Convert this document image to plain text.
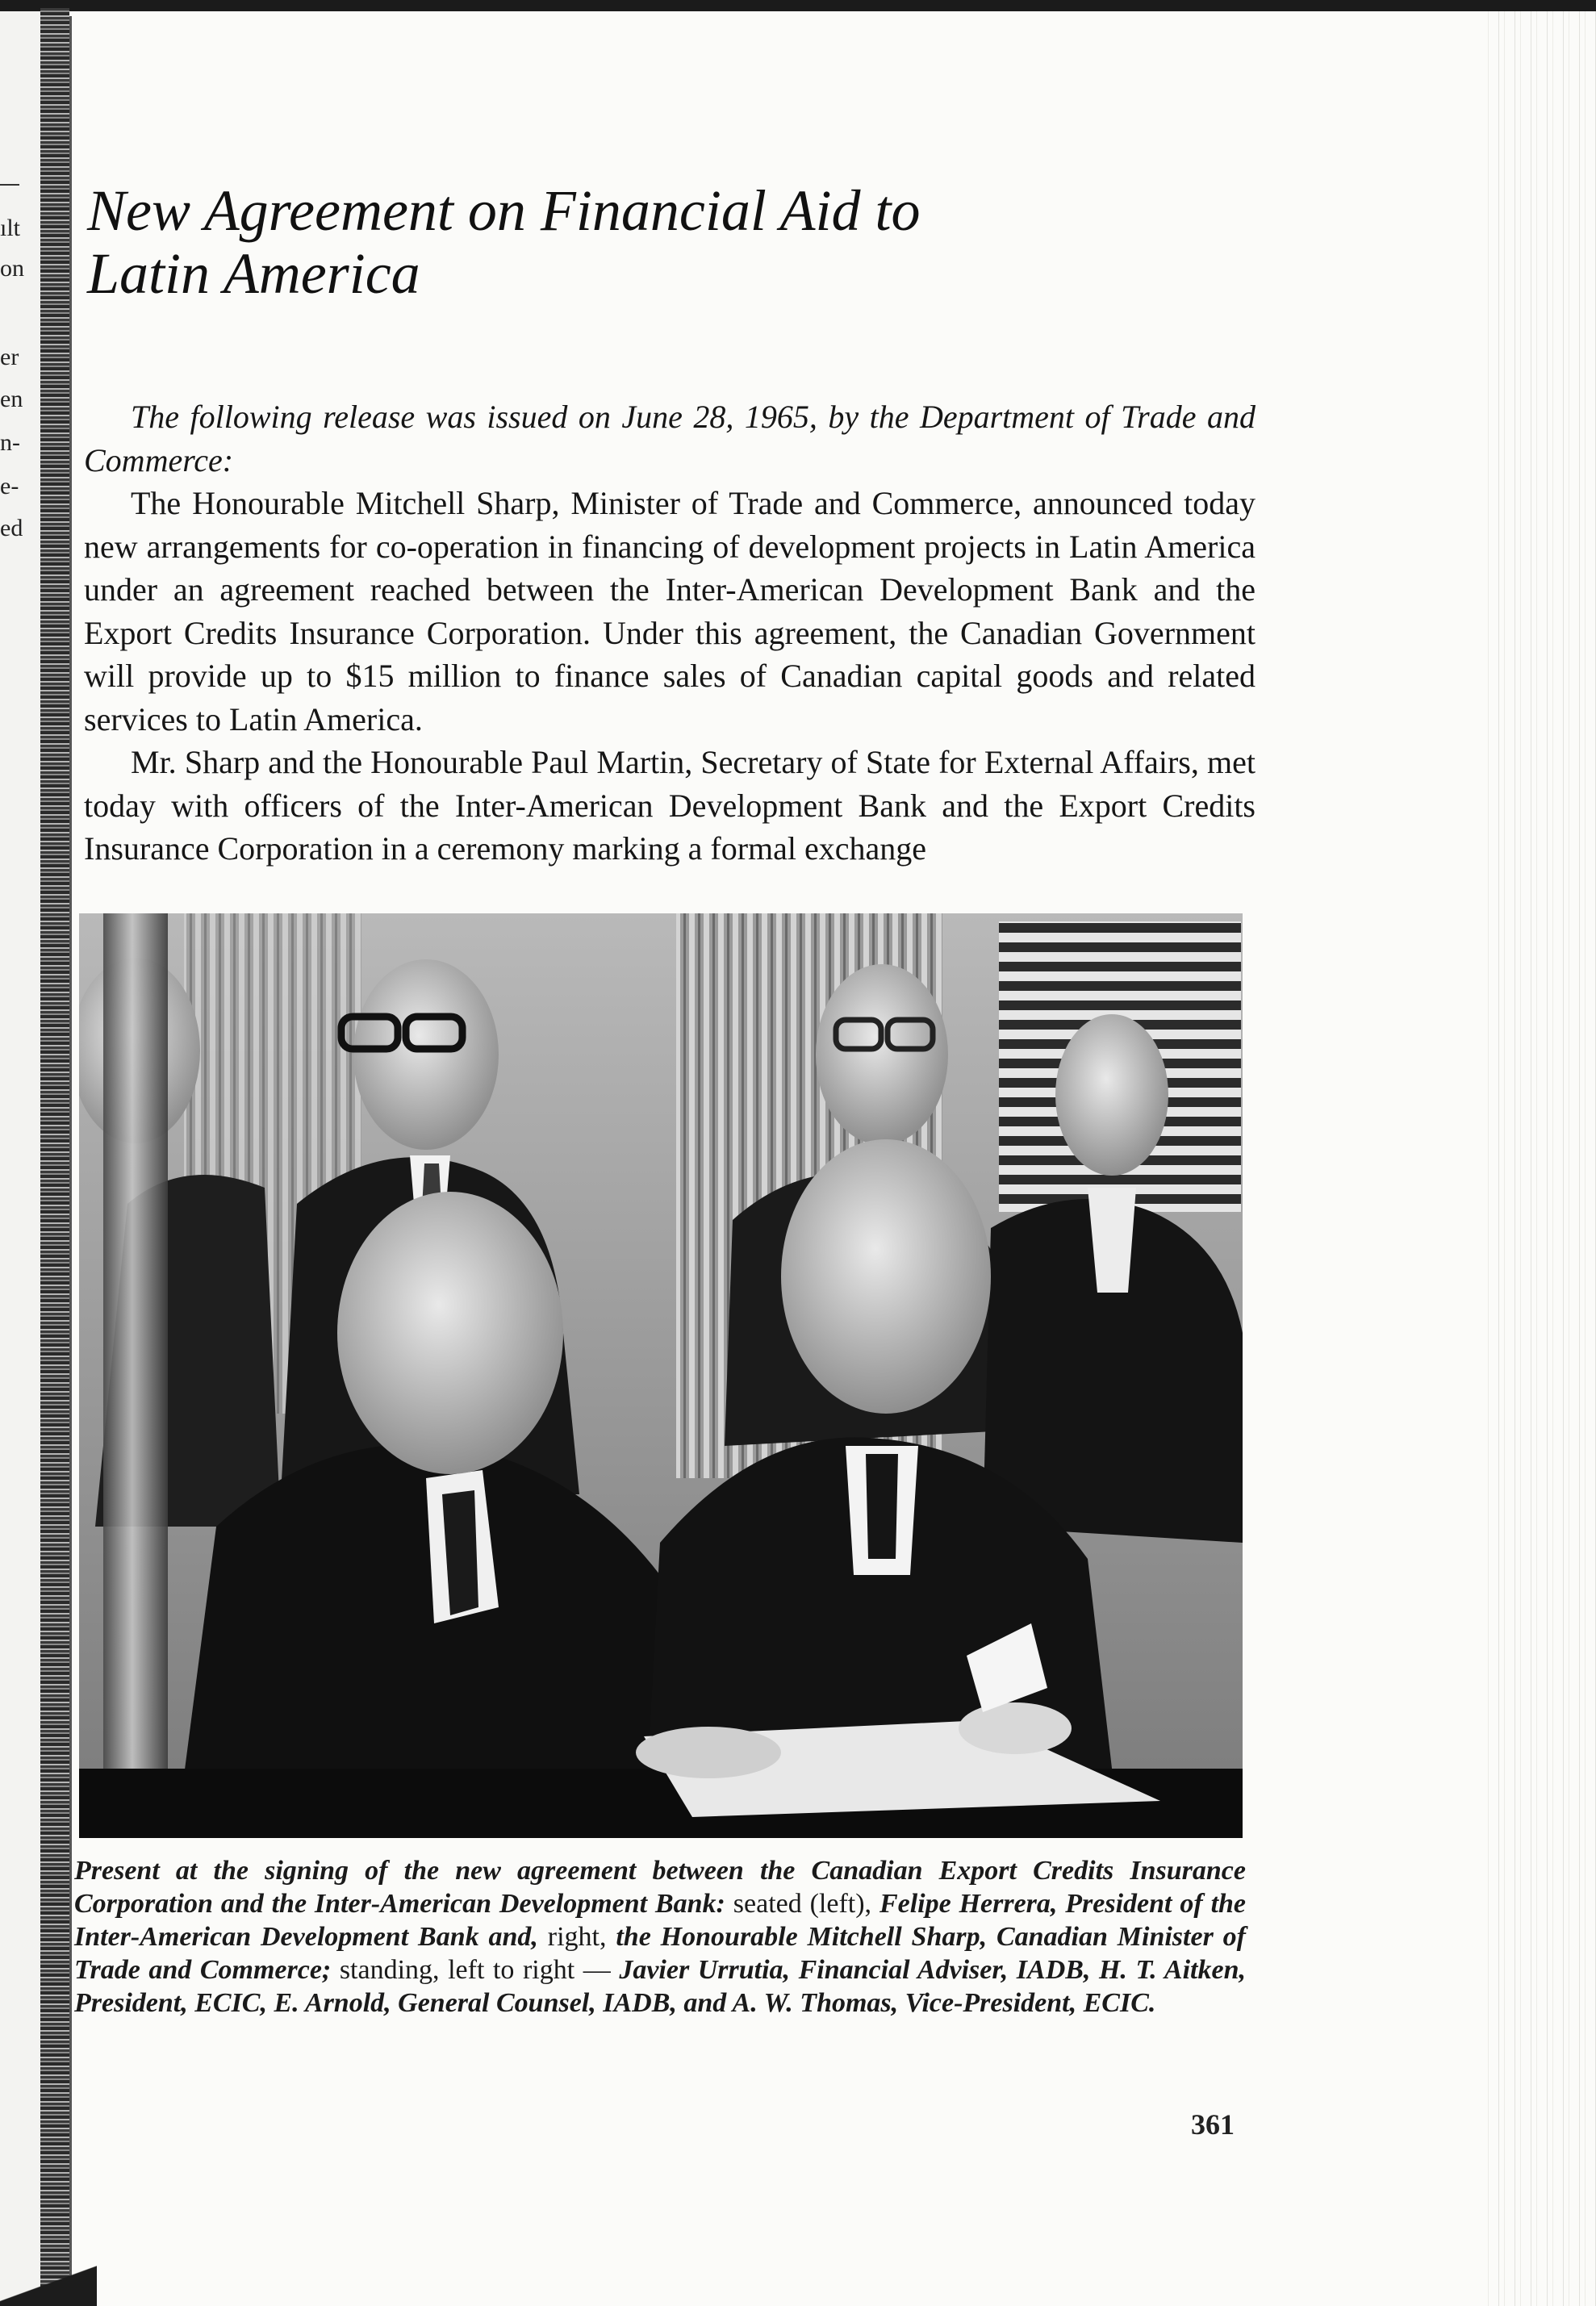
ılt
on
er
en
n-
e-
ed
New Agreement on Financial Aid to
Latin America

The following release was issued on June 28, 1965, by the Department of Trade and Commerce:

The Honourable Mitchell Sharp, Minister of Trade and Commerce, announced today new arrangements for co-operation in financing of development projects in Latin America under an agreement reached between the Inter-American Development Bank and the Export Credits Insurance Corporation. Under this agreement, the Canadian Government will provide up to $15 million to finance sales of Canadian capital goods and related services to Latin America.

Mr. Sharp and the Honourable Paul Martin, Secretary of State for External Affairs, met today with officers of the Inter-American Development Bank and the Export Credits Insurance Corporation in a ceremony marking a formal exchange

Present at the signing of the new agreement between the Canadian Export Credits Insurance Corporation and the Inter-American Development Bank: seated (left), Felipe Herrera, President of the Inter-American Development Bank and, right, the Honourable Mitchell Sharp, Canadian Minister of Trade and Commerce; standing, left to right — Javier Urrutia, Financial Adviser, IADB, H. T. Aitken, President, ECIC, E. Arnold, General Counsel, IADB, and A. W. Thomas, Vice-President, ECIC.
361
